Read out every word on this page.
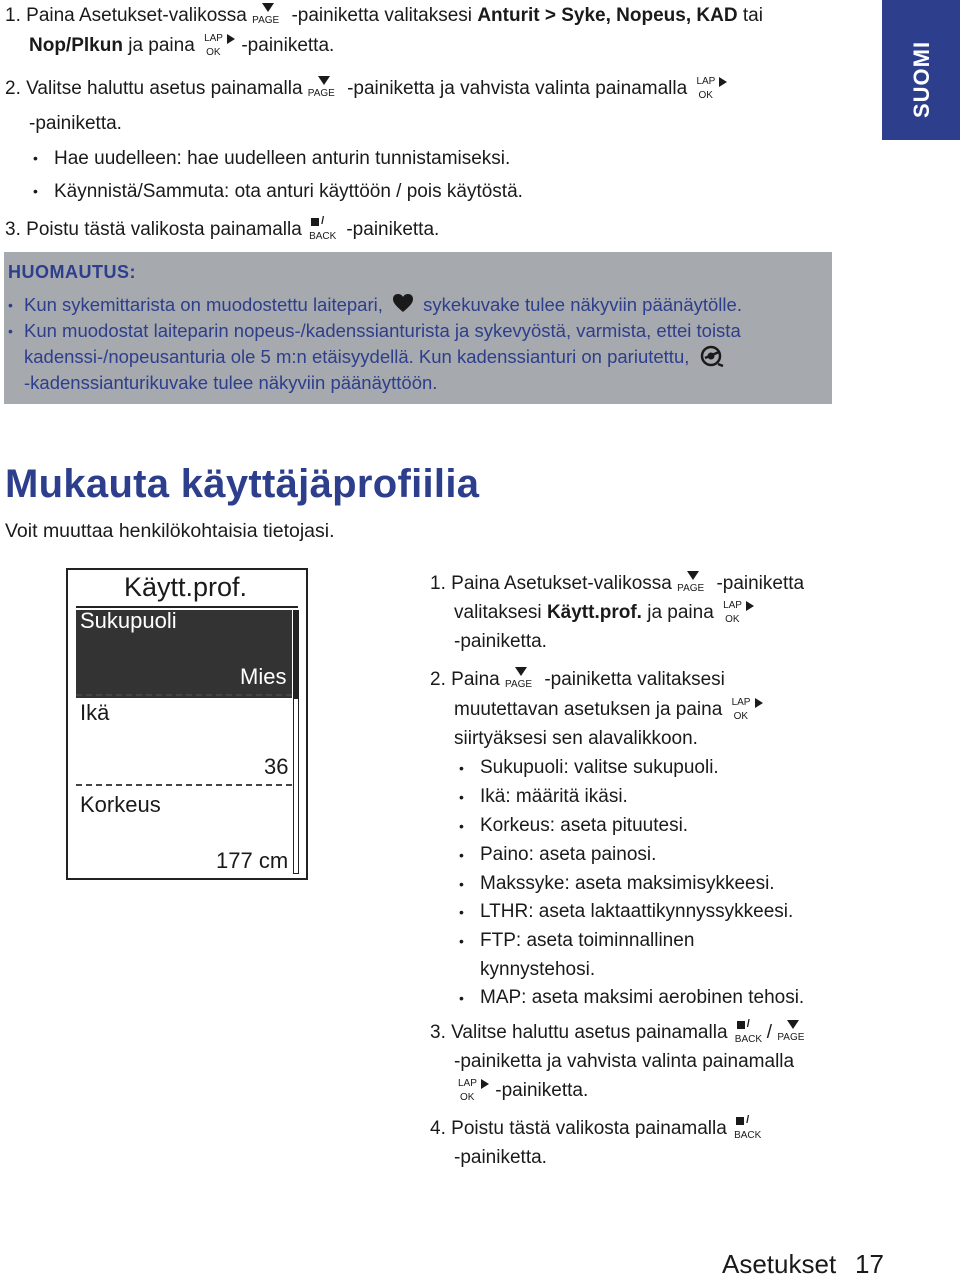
SUOMI
1. Paina Asetukset-valikossa PAGE -painiketta valitaksesi Anturit > Syke, Nopeus, KAD tai
Nop/Plkun ja paina LAP
OK -painiketta.
2. Valitse haluttu asetus painamalla PAGE -painiketta ja vahvista valinta painamalla LAP
OK
-painiketta.
• Hae uudelleen: hae uudelleen anturin tunnistamiseksi.
• Käynnistä/Sammuta: ota anturi käyttöön / pois käytöstä.
3. Poistu tästä valikosta painamalla /
BACK -painiketta.
HUOMAUTUS:
• Kun sykemittarista on muodostettu laitepari, sykekuvake tulee näkyviin päänäytölle.
• Kun muodostat laiteparin nopeus-/kadenssianturista ja sykevyöstä, varmista, ettei toista
kadenssi-/nopeusanturia ole 5 m:n etäisyydellä. Kun kadenssianturi on pariutettu,
-kadenssianturikuvake tulee näkyviin päänäyttöön.
Mukauta käyttäjäprofiilia
Voit muuttaa henkilökohtaisia tietojasi.
Käytt.prof.
Sukupuoli
Mies
Ikä
36
Korkeus
177 cm
1. Paina Asetukset-valikossa PAGE -painiketta
valitaksesi Käytt.prof. ja paina LAP
OK
-painiketta.
2. Paina PAGE -painiketta valitaksesi
muutettavan asetuksen ja paina LAP
OK
siirtyäksesi sen alavalikkoon.
• Sukupuoli: valitse sukupuoli.
• Ikä: määritä ikäsi.
• Korkeus: aseta pituutesi.
• Paino: aseta painosi.
• Makssyke: aseta maksimisykkeesi.
• LTHR: aseta laktaattikynnyssykkeesi.
• FTP: aseta toiminnallinen
kynnystehosi.
• MAP: aseta maksimi aerobinen tehosi.
3. Valitse haluttu asetus painamalla /
BACK / PAGE
-painiketta ja vahvista valinta painamalla
LAP
OK -painiketta.
4. Poistu tästä valikosta painamalla /
BACK
-painiketta.
Asetukset 17
